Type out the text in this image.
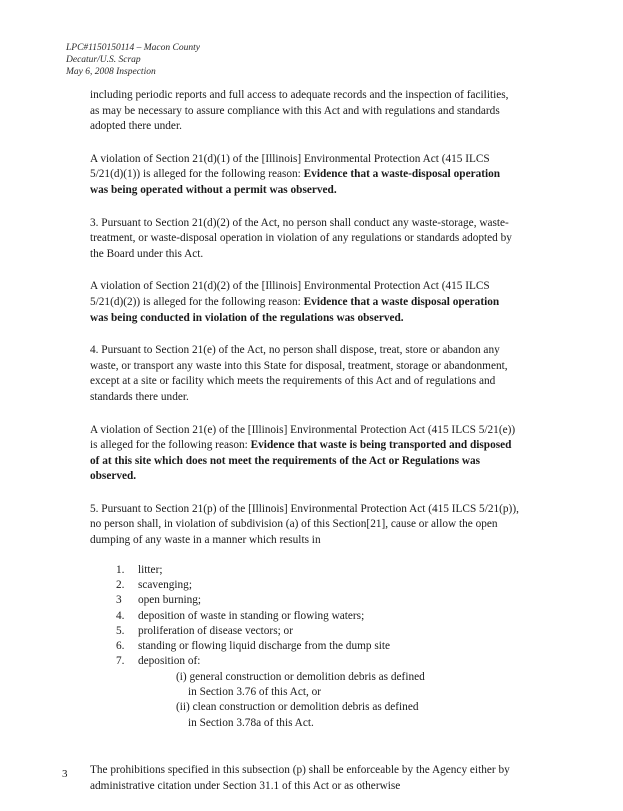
LPC#1150150114 – Macon County
Decatur/U.S. Scrap
May 6, 2008 Inspection

including periodic reports and full access to adequate records and the inspection of facilities, as may be necessary to assure compliance with this Act and with regulations and standards adopted there under.

A violation of Section 21(d)(1) of the [Illinois] Environmental Protection Act (415 ILCS 5/21(d)(1)) is alleged for the following reason: Evidence that a waste-disposal operation was being operated without a permit was observed.

3. Pursuant to Section 21(d)(2) of the Act, no person shall conduct any waste-storage, waste-treatment, or waste-disposal operation in violation of any regulations or standards adopted by the Board under this Act.

A violation of Section 21(d)(2) of the [Illinois] Environmental Protection Act (415 ILCS 5/21(d)(2)) is alleged for the following reason: Evidence that a waste disposal operation was being conducted in violation of the regulations was observed.

4. Pursuant to Section 21(e) of the Act, no person shall dispose, treat, store or abandon any waste, or transport any waste into this State for disposal, treatment, storage or abandonment, except at a site or facility which meets the requirements of this Act and of regulations and standards there under.

A violation of Section 21(e) of the [Illinois] Environmental Protection Act (415 ILCS 5/21(e)) is alleged for the following reason: Evidence that waste is being transported and disposed of at this site which does not meet the requirements of the Act or Regulations was observed.

5. Pursuant to Section 21(p) of the [Illinois] Environmental Protection Act (415 ILCS 5/21(p)), no person shall, in violation of subdivision (a) of this Section[21], cause or allow the open dumping of any waste in a manner which results in

1. litter;
2. scavenging;
3 open burning;
4. deposition of waste in standing or flowing waters;
5. proliferation of disease vectors; or
6. standing or flowing liquid discharge from the dump site
7. deposition of:
(i) general construction or demolition debris as defined
in Section 3.76 of this Act, or
(ii) clean construction or demolition debris as defined
in Section 3.78a of this Act.

The prohibitions specified in this subsection (p) shall be enforceable by the Agency either by administrative citation under Section 31.1 of this Act or as otherwise

3
